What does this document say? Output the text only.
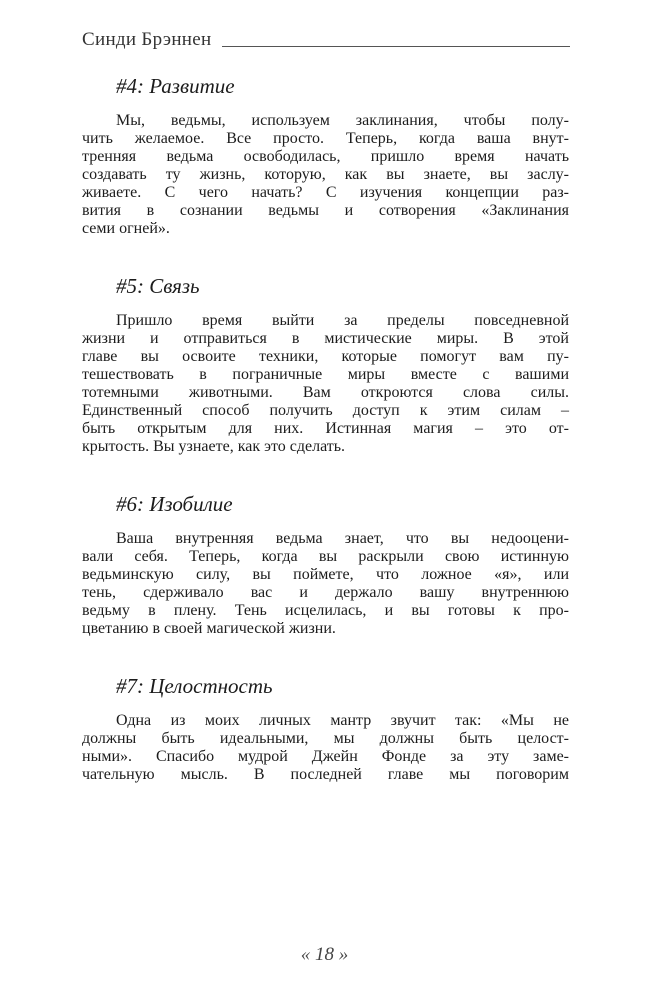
Синди Брэннен
#4: Развитие
Мы, ведьмы, используем заклинания, чтобы полу-
чить желаемое. Все просто. Теперь, когда ваша внут-
тренняя ведьма освободилась, пришло время начать
создавать ту жизнь, которую, как вы знаете, вы заслу-
живаете. С чего начать? С изучения концепции раз-
вития в сознании ведьмы и сотворения «Заклинания
семи огней».
#5: Связь
Пришло время выйти за пределы повседневной
жизни и отправиться в мистические миры. В этой
главе вы освоите техники, которые помогут вам пу-
тешествовать в пограничные миры вместе с вашими
тотемными животными. Вам откроются слова силы.
Единственный способ получить доступ к этим силам –
быть открытым для них. Истинная магия – это от-
крытость. Вы узнаете, как это сделать.
#6: Изобилие
Ваша внутренняя ведьма знает, что вы недооцени-
вали себя. Теперь, когда вы раскрыли свою истинную
ведьминскую силу, вы поймете, что ложное «я», или
тень, сдерживало вас и держало вашу внутреннюю
ведьму в плену. Тень исцелилась, и вы готовы к про-
цветанию в своей магической жизни.
#7: Целостность
Одна из моих личных мантр звучит так: «Мы не
должны быть идеальными, мы должны быть целост-
ными». Спасибо мудрой Джейн Фонде за эту заме-
чательную мысль. В последней главе мы поговорим
« 18 »
